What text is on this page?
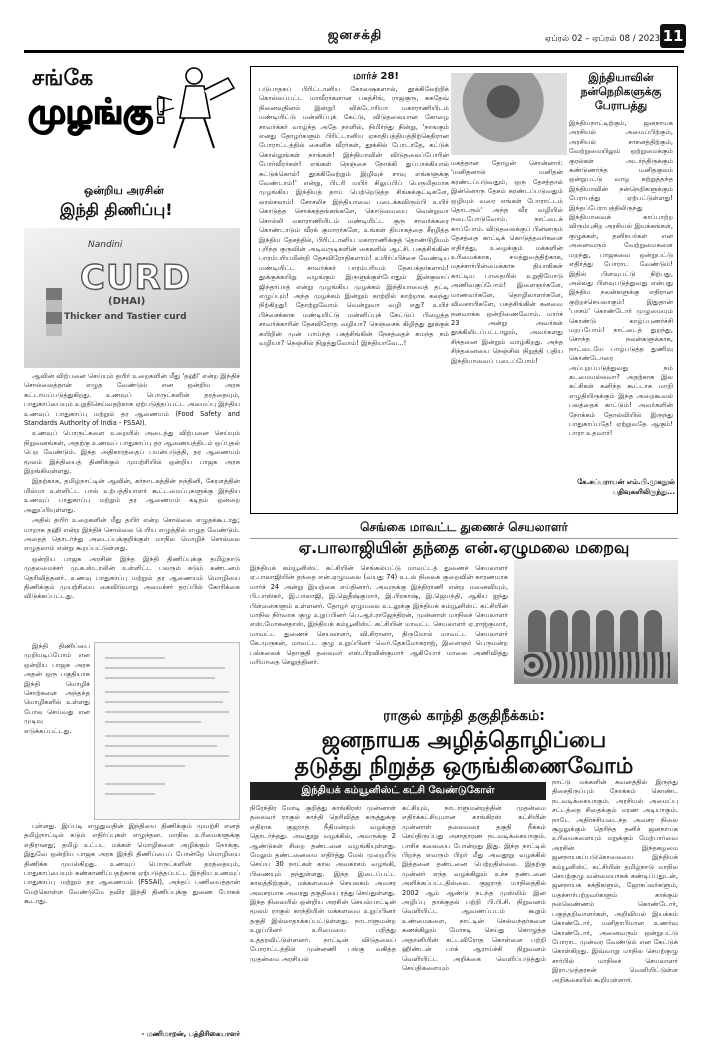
ஜனசக்தி	ஏப்ரல் 02 – ஏப்ரல் 08 / 2023 11
சங்கே
முழங்கு!
ஒன்றிய அரசின்
இந்தி திணிப்பு!
Nandini
CURD
(DHAI)
Thicker and Tastier curd

ஆவின் விற்பனை செய்யும் தயிர் உறைகளின் மீது 'தஹி' என்ற இந்திச் சொல்லைத்தான் எழுத வேண்டும் என ஒன்றிய அரசு கட்டாயப்படுத்துகிறது. உணவுப் பொருட்களின் தரத்தையும், பாதுகாப்பையும் உறுதிசெய்வதற்காக ஏற்படுத்தப்பட்ட அமைப்பு இந்திய உணவுப் பாதுகாப்பு மற்றும் தர ஆணையம் (Food Safety and Standards Authority of India - FSSAI).

உணவுப் பொருட்களை உறையில் அடைத்து விற்பனை செய்யும் நிறுவனங்கள், அதற்கு உணவுப் பாதுகாப்பு தர ஆணையத்திடம் ஒப்புதல் பெற வேண்டும். இந்த அதிகாரத்தைப் பயன்படுத்தி, தர ஆணையம் மூலம் இந்தியைத் திணிக்கும் முயற்சியில் ஒன்றிய பாஜக அரசு இறங்கியுள்ளது.

இதற்காக, தமிழ்நாட்டின் ஆவின், கர்நாடகத்தின் நந்தினி, கேரளத்தின் மில்மா உள்ளிட்ட பால் உற்பத்தியாளர் கூட்டமைப்புகளுக்கு இந்திய உணவுப் பாதுகாப்பு மற்றும் தர ஆணையம் கடிதம் ஒன்றை அனுப்பியுள்ளது.

அதில் தயிர் உறைகளின் மீது தயிர் என்ற சொல்லை எழுதக்கூடாது; மாறாக தஹி என்ற இந்திச் சொல்லை பெரிய எழுத்தில் எழுத வேண்டும். அதைத் தொடர்ந்து அடைப்புக்குறிக்குள் மாநில மொழிச் சொல்லை எழுதலாம் என்று கூறப்பட்டுள்ளது.

ஒன்றிய பாஜக அரசின் இந்த இந்தி திணிப்புக்கு தமிழ்நாடு முதலமைச்சர் மு.க.ஸ்டாலின் உள்ளிட்ட பலரும் கடும் கண்டனம் தெரிவித்தனர். உணவு பாதுகாப்பு மற்றும் தர ஆணையம் மொழியை திணிக்கும் முயற்சியை கைவிடுமாறு அமைச்சர் தரப்பில் கோரிக்கை விடுக்கப்பட்டது.

இந்தி திணிப்பை முறியடிப்போம் என ஒன்றிய பாஜக அரசு அதன் ஒரு பகுதியாக இந்தி மொழிச் சொற்களை அந்தந்த மொழிகளில் உள்ளது போல செய்வது என முடிவு எடுக்கப்பட்டது.

புள்ளது. இப்படி எழுதுவதின் இந்தியை திணிக்கும் முயற்சி எனத் தமிழ்நாட்டில் கடும் எதிர்ப்புகள் எழுந்தன. மாநில உரிமைகளுக்கு எதிரானது; தமிழ் உட்பட மக்கள் மொழிகளை அழிக்கும் நோக்கு. இதுவே ஒன்றிய பாஜக அரசு இந்தி திணிப்பைப் போன்றே மொழியை திணிக்க முயல்கிறது. உணவுப் பொருட்களின் தரத்தையும், பாதுகாப்பையும் கண்காணிப்பதற்காக ஏற்படுத்தப்பட்ட இந்திய உணவுப் பாதுகாப்பு மற்றும் தர ஆணையம் (FSSAI), அந்தப் பணியைத்தான் மேற்கொள்ள வேண்டுமே தவிர இந்தி திணிப்புக்கு துணை போகக் கூடாது.

- மணிமாறன், பத்திரிகையாளர்
மார்ச் 28!
படுபாதகப் பிரிட்டானிய கோஷைகளால், தூக்கிலேற்றிக் கொல்லப்பட்ட மாவீரர்களான பகத்சிங், ராஜகுரு, சுகதேவ் நினைவுதினம் இன்று! விக்டோரியா மகாராணியிடம் மண்டியிட்டு மன்னிப்புக் கேட்டு, விடுதலையான கோழை சாவர்க்கர் வாழ்ந்த அதே நாளில், நிமிர்ந்து நின்று, 'நாஙகும் எனது தோழர்களும் பிரிட்டானிய ஏகாதிபத்தியத்திற்கெதிரான போராட்டத்தில் சைனிக வீரர்கள், தூக்கில் போடாதே, சுட்டுக் கொல்லுங்கள் நாங்கள்! இந்தியாவின் விடுதலைப்போரின் போர்வீரர்கள்! எங்கள் நெஞ்சை நோக்கி துப்பாக்கியால் சுட்டுக்கொல்! தூக்கிலேற்றும் இழிவுச் சாவு எங்களுக்கு வேண்டாம்!' என்று, பிடரி மயிர் சிலுப்பிப் பெருமிதமாக முழங்கிய இந்தியத் தாய் பெற்றெடுத்த சிங்கக்குட்டிகளே, லால்சலாம்! சோசலிச இந்தியாவை படைக்கவிரும்பி உயிர் கொடுத்த சொக்கத்தங்கங்களே, கொடுமையை வென்றுவா சொல்லி மகாராணியிடம் மண்டியிட்ட குரு சாவர்க்கரை கொண்டாடும் வீரக் குமாரர்களே, உங்கள் தியாகத்தை சீரழித்த இந்திய தேசத்தில், பிரிட்டானிய மகாராணிக்குத் தொண்டூழியம் புரிந்த குருவின் அடிவருடிகளின் கைகளில் ஆட்சி. பகத்சிங்கின் பாரம்பரியமின்றி தேசவிரோதிகளாம்! உயிர்ப்பிச்சை வேண்டிய மண்டியிட்ட சாவர்க்கர் பாரம்பரியம் தேசபக்தர்களாம்! தூக்குக்கயிறு வழங்கும் இருளுக்குள்போதும் இன்குலாப் ஜிந்தாபாத் என்று முழங்கிய முழக்கம் இந்தியாவைத் தட்டி எழுப்பும்! அந்த முழக்கம் இன்றும் காற்றில் காற்றாக கலந்து நிற்கிறது! தோற்றுவோம் வென்றுவா வழி எது? உயிர் பிச்சைக்காக மண்டியிட்டு மன்னிப்புக் கேட்டுப் பிழைத்த சாவர்க்காரின் தேசவிரோத வழியா? நெஞ்சைக் கிழித்து தூக்குக் கயிறின் முன் பாய்ந்த பகத்சிங்கின் நேசத்தைச் சுமந்த நம் வழியா? நெஞ்சில் நிறுத்துவோம்! இந்தியாவே...!
மகத்தான தோழன் சொன்னார்: 'மனிதனால் மனிதன் சுரண்டப்படுவதும், ஒரு தேசத்தால் இன்னொரு தேசம் சுரண்டப்படுவதும் ஒழியும் வரை எங்கள் போராட்டம் தொடரும்' அந்த வீர வழியில் நடைபோடுவோம். நாட்டைக் காப்போம். விடுதலைக்குப் பின்னரும் தேசத்தை காட்டிக் கொடுத்தவர்களை எதிர்த்து, உழைக்கும் மக்களின் உரிமைக்காக, சமத்துவத்திற்காக, மதச்சார்பின்மைக்காக தியாகிகள் காட்டிய பாதையில் உறுதியோடு அணிவகுப்போம்! இளைஞர்களே, மாணவர்களே, தொழிலாளர்களே, விவசாயிகளே, பகத்சிங்கின் கனவை நனவாக்க ஒன்றிணைவோம். மார்ச் 23 அன்று அவர்கள் தூக்கிலிடப்பட்டாலும், அவர்களது சிந்தனை இன்றும் வாழ்கிறது. அந்த சிந்தனையை நெஞ்சில் நிறுத்தி புதிய இந்தியாவைப் படைப்போம்!
இந்தியாவின் நன்நெறிகளுக்கு பேராபத்து
இந்தியநாட்டிற்கும், ஜனநாயக அரசியல் அமைப்பிற்கும், அரசியல் சாசனத்திற்கும், வேற்றுமையிலும் ஒற்றுமைக்கும் குரல்கள் அடர்ந்திருக்கும் கண்டுணர்ந்த மனிதகுலம் ஒன்றுபட்டு வாழ கற்றுத்தந்த இந்தியாவின் நன்நெறிகளுக்கும் பேராபத்து ஏற்பட்டுள்ளது! இந்தப்பேராபத்திலிருந்து இந்தியாவைக் காப்பாற்ற விரும்புகிற அரசியல் இயக்கங்கள், குழுக்கள், தனிநபர்கள் என அனைவரும் வேற்றுமைகளை மறந்து, பாஜகவை ஒன்றுபட்டு எதிர்த்து போராட வேண்டும்! இதில் பிளவுபட்டு நிற்பது, அல்லது பிளவுபடுத்துவது என்பது இந்திய நலன்களுக்கு எதிரான குற்றச்செயலாகும்! இதுதான் 'பாசம்' கொண்டோர் முழுமையும் கொண்டு காழ்ப்புணர்ச்சி மறப்போம்! நாட்டைத் துறந்து, சொந்த நலன்களுக்காக, நாட்டையே பாழ்படுத்த துணிவு கொண்டோரை அப்புறப்படுத்துவது நம் கடமையல்லவா? அதற்காக இல கட்சிகள் கனிந்த கூட்டாக மாறி எழுதியிருக்கும் இந்த அறைகூவல் பலத்தைக் காட்டும்! அவர்களின் நோக்கம் தோல்வியில் இருந்து பாதுகாப்பதே! ஏற்றுவதே ஆகும்! பாரா உதவார்!
கே.சுப்பராயன் எம்.பி.முகநூல்
பதிவுகளிலிருந்து...
செங்கை மாவட்ட துணைச் செயலாளர்
ஏ.பாலாஜியின் தந்தை என்.ஏழுமலை மறைவு
இந்தியக் கம்யூனிஸ்ட் கட்சியின் செங்கல்பட்டு மாவட்டத் துணைச் செயலாளர் ஏ.பாலாஜியின் தந்தை என்.ஏழுமலை (வயது 74) உடல் நிலைக் குறைவின் காரணமாக மார்ச் 24 அன்று இயற்கை எய்தினார். அவருக்கு இந்திராணி என்ற மனைவியும், பி.பாஸ்கர், இ.பாலாஜி, இ.ஜெதீஷ்குமார், இ.பிரகாஷ், இ.ஜெயந்தி, ஆகிய ஐந்து பிள்ளைகளும் உள்ளனர். தோழர் ஏழுமலை உடலுக்கு இந்தியக் கம்யூனிஸ்ட் கட்சியின் மாநில நிர்வாக குழு உறுப்பினர் பெ.ஆர்.ராஜேந்திரன், முன்னாள் மாநிலச் செயலாளர் எஸ்.மோகனதாஸ், இந்தியக் கம்யூனிஸ்ட் கட்சியின் மாவட்ட செயலாளர் ஏ.ராஜ்குமார், மாவட்ட துணைச் செயலாளர், வி.சிரானா, திருமோல் மாவட்ட செயலாளர் கே.முருகன், மாவட்ட குழு உறுப்பினர் வெர்.தேசுமோகராஜ், இளைஞர் பெருமன்ற பல்கலைக் தொகுதி தலைவர் எஸ்.பிரவின்குமார் ஆகியோர் மாலை அணிவித்து மரியாதை செலுத்தினர்.
ராகுல் காந்தி தகுதிநீக்கம்:
ஜனநாயக அழித்தொழிப்பை
தடுத்து நிறுத்த ஒருங்கிணைவோம்
இந்தியக் கம்யூனிஸ்ட் கட்சி வேண்டுகோள்
நிரேந்திர மோடி குறித்து காங்கிரஸ் முன்னாள் தலைவர் ராகுல் காந்தி தெரிவித்த கருத்துக்கு எதிராக குஜராத் நீதிமன்றம் வழக்குத் தொடர்ந்தது. அவதூறு வழக்கில், அவருக்கு 2 ஆண்டுகள் சிறை தண்டனை வழங்கியுள்ளது. மேலும் தண்டனையை எதிர்த்து மேல் முறையீடு செய்ய 30 நாட்கள் கால அவகாசம் வழங்கி, பிணையும் தந்துள்ளது. இந்த இடைப்பட்ட காலத்திற்குள், மக்களவைச் செயலகம் அவசர அவசரமாக அவரது தகுதியை ரத்து செய்துள்ளது. இந்த நிலையில் ஒன்றிய அரசின் செயல்பாட்டின் மூலம் ராகுல் காந்தியின் மக்களவை உறுப்பினர் தகுதி இல்லாதாக்கப்பட்டுள்ளது. நாடாளுமன்ற உறுப்பினர் உரிமையை பறித்து உத்தரவிட்டுள்ளனர். நாட்டின் விடுதலைப் போராட்டத்தில் முன்னணி பங்கு வகித்த முதன்மை அரசியல்
கட்சியும், நாடாளுமன்றத்தின் முதன்மை எதிர்க்கட்சியுமான காங்கிரஸ் கட்சியின் முன்னாள் தலைவரை தகுதி நீக்கம் செய்திருப்பது அசாதாரண நடவடிக்கையாகும். பாசிச கலையை போன்றது இது. இந்த நாட்டில் பிறந்த எவரும் பிறர் மீது அவதூறு வழக்கில் இத்தனை தண்டனை பெற்றதில்லை. இதற்கு முன்னர் எந்த வழக்கிலும் உச்ச தண்டனை அளிக்கப்பட்டதில்லை. குஜராத் மாநிலத்தில் 2002 ஆம் ஆண்டு நடந்த முஸ்லிம் இன அழிப்பு தாக்குதல் பற்றி பி.பி.சி. நிறுவனம் வெளியிட்ட ஆவணப்படம் கூறும் உண்மைகளை, நாட்டின் செல்வந்தர்களை கணக்கிலும் மோசடி செய்து கொழுத்த அதானியின் சட்டவிரோத கொள்ளை பற்றி ஹிண்டன் பர்க் ஆராய்ச்சி நிறுவனம் வெளியிட்ட அறிக்கை வெளிப்படுத்தும் செய்திகளையும்
நாட்டு மக்களின் கவனத்தில் இருந்து திசைதிருப்பும் நோக்கம் கொண்ட நடவடிக்கையாகும். அரசியல் அமைப்பு சட்டத்தை சிதைக்கும் மரண அடியாகும். நாடே அதிர்ச்சியடைந்த அவசர நிலை சூழலுக்கும் தெரிந்த தனிச் ஜனநாயக உரிமைகளையும் மறுக்கும் மேற்பார்வை அரசின் இந்தகழமை ஜனநாயகப்படுகொலையை இந்தியக் கம்யூனிஸ்ட் கட்சியின் தமிழ்நாடு மாநில செயற்குழு வன்மையாகக் கண்டிப்பதுடன், ஜனநாயக சக்திகளும், ஜோசப்லர்களும், மதச்சார்பற்றவர்களும் காக்கும் நல்லெண்ணம் கொண்டோர், பகுத்தறிவாளர்கள், அறிவியல் இயக்கம் கொண்டோர், மனிதாபிமான உணர்வு கொண்டோர், அனைவரும் ஒன்றுபட்டு போராட முன்வர வேண்டும் என கேட்டுக் கொள்கிறது. இவ்வாறு மாநில செயற்குழு சார்பில் மாநிலச் செயலாளர் இரா.முத்தரசன் வெளியிட்டுள்ள அறிக்கையில் கூறியுள்ளார்.
